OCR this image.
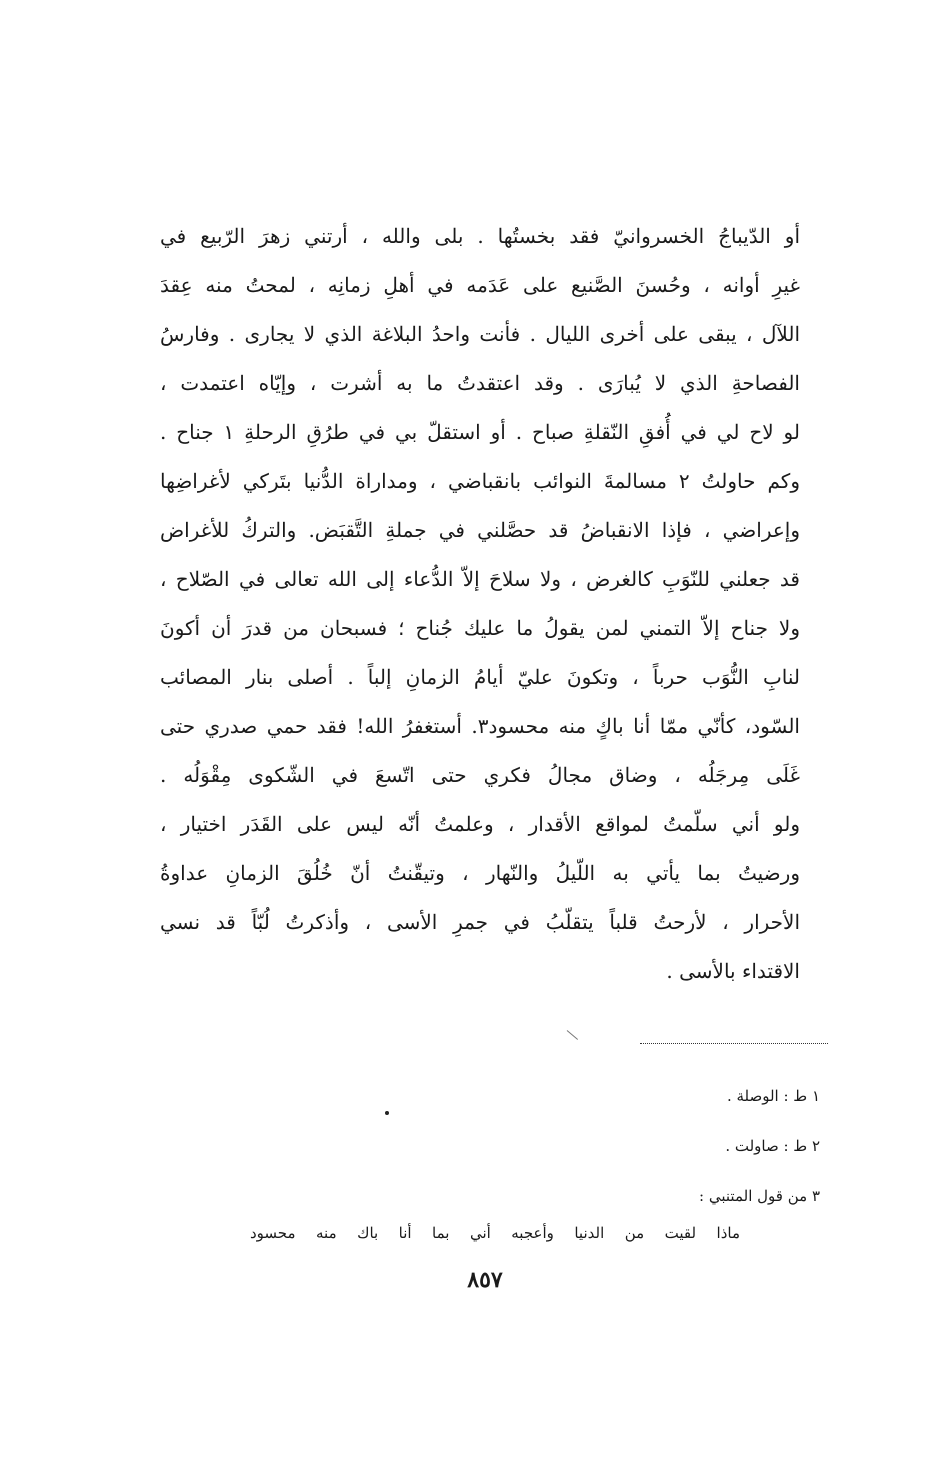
أو الدّيباجُ الخسروانيّ فقد بخستُها . بلى والله ، أرتني زهرَ الرّبيع في
غيرِ أوانه ، وحُسنَ الصَّنيع على عَدَمه في أهلِ زمانِه ، لمحتُ منه عِقدَ
اللآل ، يبقى على أخرى الليال . فأنت واحدُ البلاغة الذي لا يجارى . وفارسُ
الفصاحةِ الذي لا يُبارَى . وقد اعتقدتُ ما به أشرت ، وإيّاه اعتمدت ،
لو لاح لي في أُفقِ النّقلةِ صباح . أو استقلّ بي في طرُقِ الرحلةِ ١ جناح .
وكم حاولتُ ٢ مسالمةَ النوائب بانقباضي ، ومداراة الدُّنيا بتَركي لأغراضِها
وإعراضي ، فإذا الانقباضُ قد حصَّلني في جملةِ التَّقبَض. والتركُ للأغراض
قد جعلني للنّوَبِ كالغرض ، ولا سلاحَ إلاّ الدُّعاء إلى الله تعالى في الصّلاح ،
ولا جناح إلاّ التمني لمن يقولُ ما عليك جُناح ؛ فسبحان من قدرَ أن أكونَ
لنابِ النُّوَب حرباً ، وتكونَ عليّ أيامُ الزمانِ إلباً . أصلى بنار المصائب
السّود، كأنّي ممّا أنا باكٍ منه محسود٣. أستغفرُ الله! فقد حمي صدري حتى
غَلَى مِرجَلُه ، وضاق مجالُ فكري حتى اتّسعَ في الشّكوى مِقْوَلُه .
ولو أني سلّمتُ لمواقع الأقدار ، وعلمتُ أنّه ليس على القَدَر اختيار ،
ورضيتُ بما يأتي به اللّيلُ والنّهار ، وتيقّنتُ أنّ خُلُقَ الزمانِ عداوةُ
الأحرار ، لأرحتُ قلباً يتقلّبُ في جمرِ الأسى ، وأذكرتُ لُبّاً قد نسي
الاقتداء بالأسى .
١ ط : الوصلة .
٢ ط : صاولت .
٣ من قول المتنبي :
ماذا لقيت من الدنيا وأعجبه أني بما أنا باك منه محسود
٨٥٧
